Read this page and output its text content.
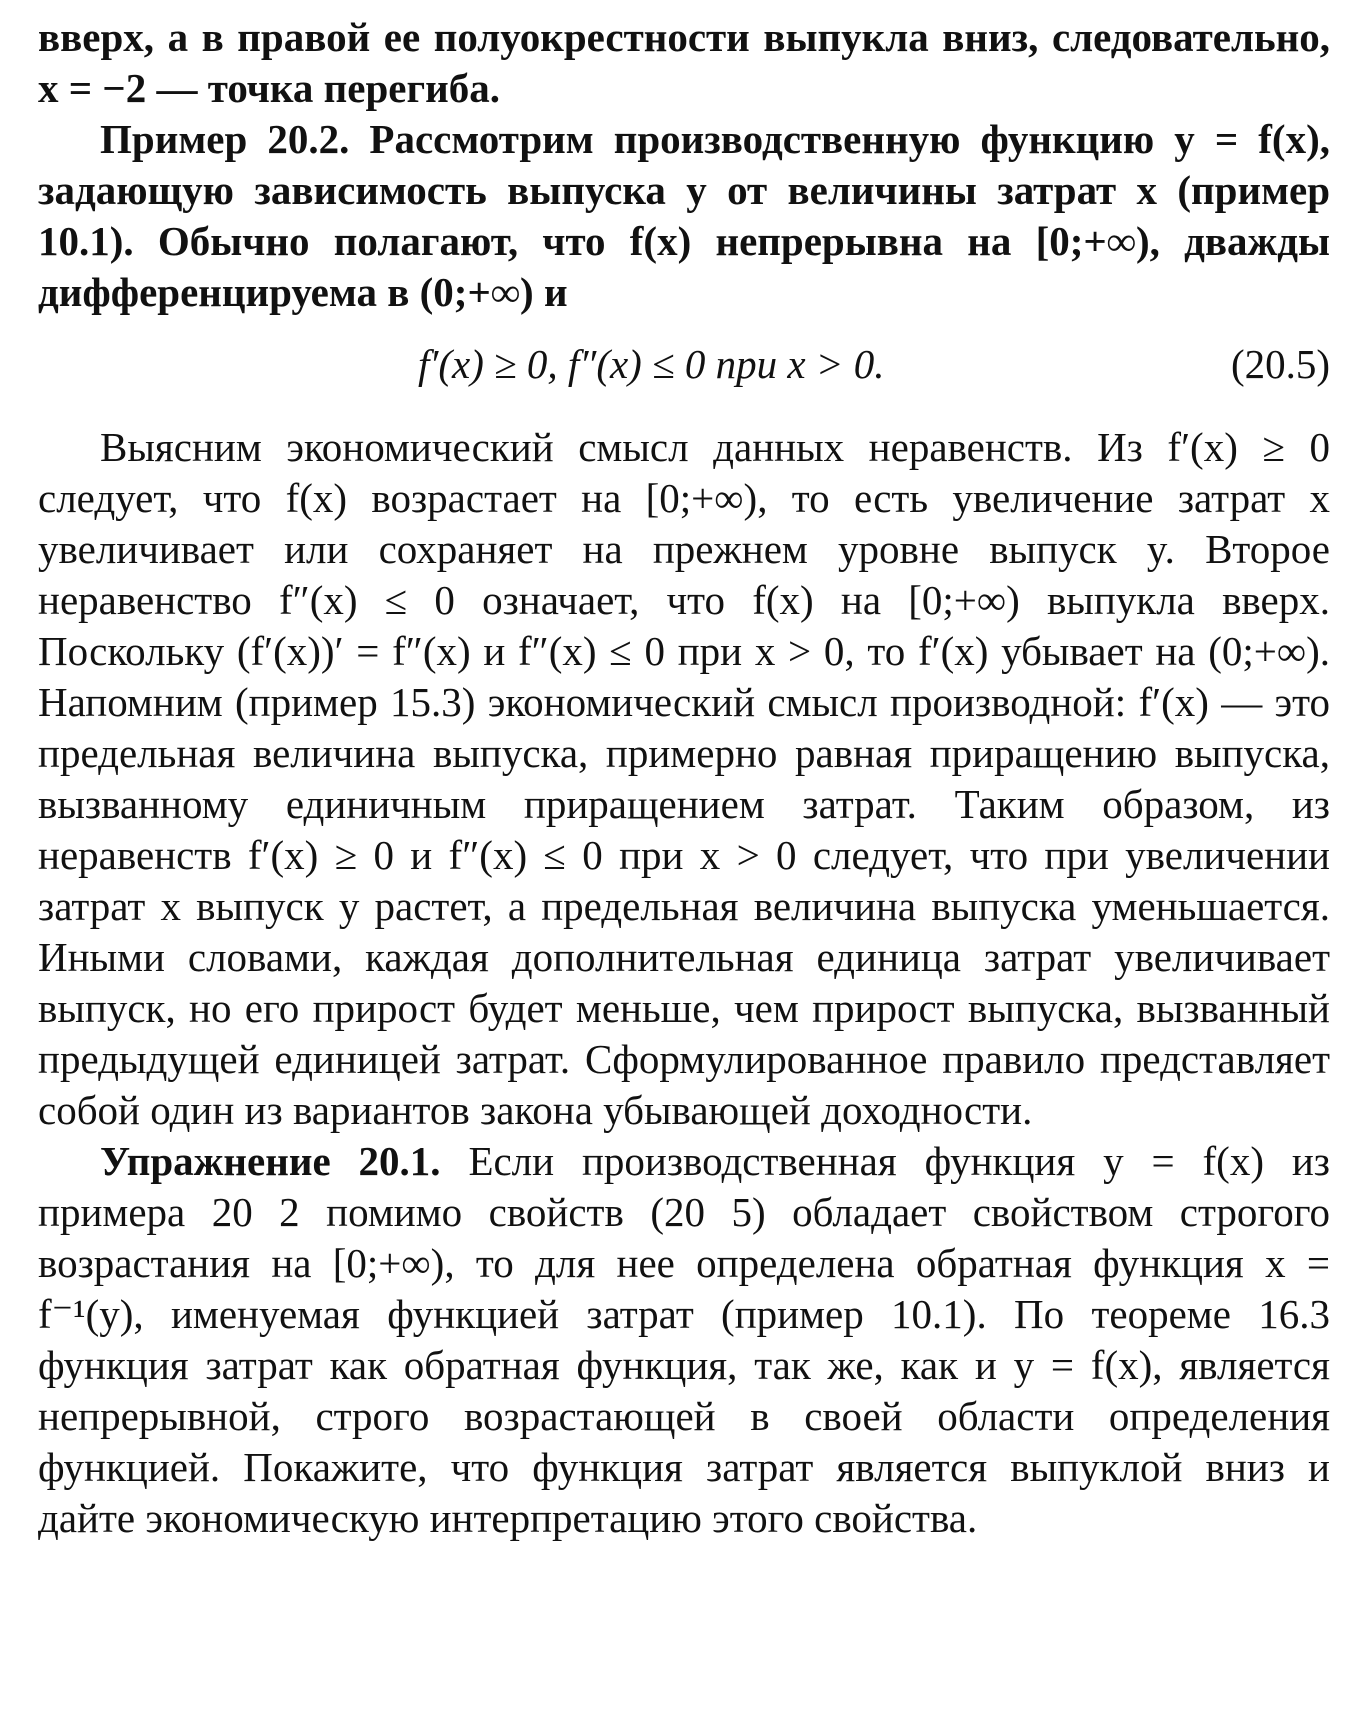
вверх, а в правой ее полуокрестности выпукла вниз, следовательно, x = −2 — точка перегиба.

Пример 20.2. Рассмотрим производственную функцию y = f(x), задающую зависимость выпуска y от величины затрат x (пример 10.1). Обычно полагают, что f(x) непрерывна на [0;+∞), дважды дифференцируема в (0;+∞) и

f′(x) ≥ 0, f″(x) ≤ 0 при x > 0.	(20.5)

Выясним экономический смысл данных неравенств. Из f′(x) ≥ 0 следует, что f(x) возрастает на [0;+∞), то есть увеличение затрат x увеличивает или сохраняет на прежнем уровне выпуск y. Второе неравенство f″(x) ≤ 0 означает, что f(x) на [0;+∞) выпукла вверх. Поскольку (f′(x))′ = f″(x) и f″(x) ≤ 0 при x > 0, то f′(x) убывает на (0;+∞). Напомним (пример 15.3) экономический смысл производной: f′(x) — это предельная величина выпуска, примерно равная приращению выпуска, вызванному единичным приращением затрат. Таким образом, из неравенств f′(x) ≥ 0 и f″(x) ≤ 0 при x > 0 следует, что при увеличении затрат x выпуск y растет, а предельная величина выпуска уменьшается. Иными словами, каждая дополнительная единица затрат увеличивает выпуск, но его прирост будет меньше, чем прирост выпуска, вызванный предыдущей единицей затрат. Сформулированное правило представляет собой один из вариантов закона убывающей доходности.

Упражнение 20.1. Если производственная функция y = f(x) из примера 20 2 помимо свойств (20 5) обладает свойством строгого возрастания на [0;+∞), то для нее определена обратная функция x = f⁻¹(y), именуемая функцией затрат (пример 10.1). По теореме 16.3 функция затрат как обратная функция, так же, как и y = f(x), является непрерывной, строго возрастающей в своей области определения функцией. Покажите, что функция затрат является выпуклой вниз и дайте экономическую интерпретацию этого свойства.
